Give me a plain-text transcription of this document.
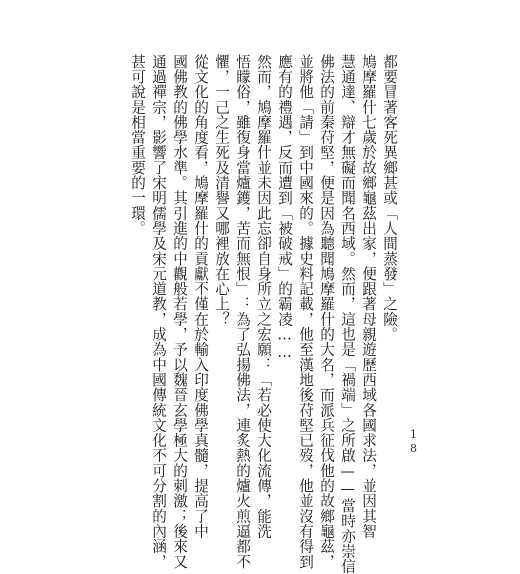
都要冒著客死異鄉甚或「人間蒸發」之險。
鳩摩羅什七歲於故鄉龜茲出家，便跟著母親遊歷西域各國求法，並因其智
慧通達、辯才無礙而聞名西域。然而，這也是「禍端」之所啟——當時亦崇信
佛法的前秦苻堅，便是因為聽聞鳩摩羅什的大名，而派兵征伐他的故鄉龜茲，
並將他「請」到中國來的。據史料記載，他至漢地後苻堅已歿，他並沒有得到
應有的禮遇，反而遭到「被破戒」的霸凌……
然而，鳩摩羅什並未因此忘卻自身所立之宏願：「若必使大化流傳，能洗
悟矇俗，雖復身當爐鑊，苦而無恨」：為了弘揚佛法，連炙熱的爐火煎逼都不
懼，一己之生死及清譽又哪裡放在心上？
從文化的角度看，鳩摩羅什的貢獻不僅在於輸入印度佛學真髓，提高了中
國佛教的佛學水準。其引進的中觀般若學，予以魏晉玄學極大的刺激；後來又
通過禪宗，影響了宋明儒學及宋元道教，成為中國傳統文化不可分割的內涵，
甚可說是相當重要的一環。
18
